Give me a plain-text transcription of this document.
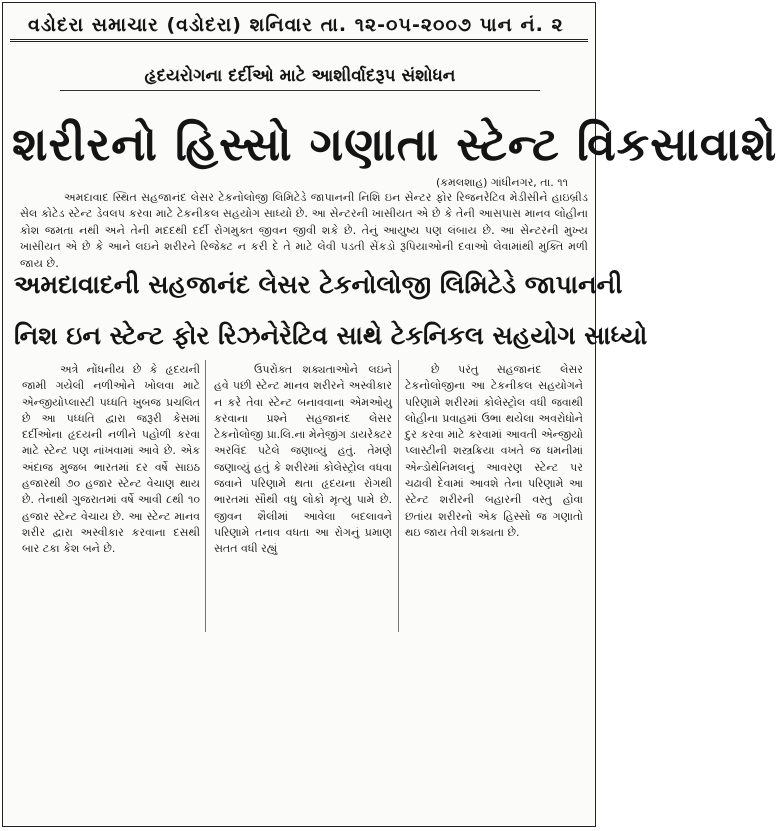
વડોદરા સમાચાર (વડોદરા) શનિવાર તા. ૧૨-૦૫-૨૦૦૭ પાન નં. ૨
હૃદયરોગના દર્દીઓ માટે આશીર્વાદરૂપ સંશોધન
શરીરનો હિસ્સો ગણાતા સ્ટેન્ટ વિકસાવાશે
(કમલશાહ) ગાંધીનગર, તા. ૧૧
અમદાવાદ સ્થિત સહજાનંદ લેસર ટેકનોલોજી લિમિટેડે જાપાનની નિશિ ઇન સેન્ટર ફોર રિજનરેટિવ મેડીસીને હાઇબ્રીડ સેલ કોટેડ સ્ટેન્ટ ડેવલપ કરવા માટે ટેકનીકલ સહયોગ સાધ્યો છે. આ સેન્ટરની ખાસીયત એ છે કે તેની આસપાસ માનવ લોહીના કોશ જમતા નથી અને તેની મદદથી દર્દી રોગમુક્ત જીવન જીવી શકે છે. તેનું આયુષ્ય પણ લંબાય છે. આ સેન્ટરની મુખ્ય ખાસીયત એ છે કે આને લઇને શરીરને રિજેક્ટ ન કરી દે તે માટે લેવી પડતી સેંકડો રૂપિયાઓની દવાઓ લેવામાંથી મુક્તિ મળી જાય છે.
અમદાવાદની સહજાનંદ લેસર ટેકનોલોજી લિમિટેડે જાપાનની
નિશ ઇન સ્ટેન્ટ ફોર રિઝનેરેટિવ સાથે ટેકનિકલ સહયોગ સાધ્યો

અત્રે નોંધનીય છે કે હૃદયની જામી ગયેલી નળીઓને ખોલવા માટે એન્જીયોપ્લાસ્ટી પધ્ધતિ ખુબજ પ્રચલિત છે આ પધ્ધતિ દ્વારા જરૂરી કેસમાં દર્દીઓના હૃદયની નળીને પહોળી કરવા માટે સ્ટેન્ટ પણ નાંખવામાં આવે છે. એક અંદાજ મુજબ ભારતમાં દર વર્ષે સાઇઠ હજારથી ૭૦ હજાર સ્ટેન્ટ વેચાણ થાય છે. તેનાથી ગુજરાતમાં વર્ષે આવી ૮થી ૧૦ હજાર સ્ટેન્ટ વેચાય છે. આ સ્ટેન્ટ માનવ શરીર દ્વારા અસ્વીકાર કરવાના દસથી બાર ટકા કેશ બને છે.

ઉપરોક્ત શક્યતાઓને લઇને હવે પછી સ્ટેન્ટ માનવ શરીરને અસ્વીકાર ન કરે તેવા સ્ટેન્ટ બનાવવાના એમઓયુ કરવાના પ્રશ્ને સહજાનંદ લેસર ટેકનોલોજી પ્રા.લિ.ના મેનેજીંગ ડાયરેક્ટર અરવિંદ પટેલે જણાવ્યું હતું. તેમણે જણાવ્યું હતું કે શરીરમાં કોલેસ્ટ્રોલ વધવા જવાને પરિણામે થતા હૃદયના રોગથી ભારતમાં સૌથી વધુ લોકો મૃત્યુ પામે છે. જીવન શૈલીમાં આવેલા બદલાવને પરિણામે તનાવ વધતા આ રોગનું પ્રમાણ સતત વધી રહ્યું

છે પરંતુ સહજાનંદ લેસર ટેકનોલોજીના આ ટેકનીકલ સહયોગને પરિણામે શરીરમાં કોલેસ્ટ્રોલ વધી જવાથી લોહીના પ્રવાહમાં ઉભા થયેલા અવરોધોને દુર કરવા માટે કરવામાં આવતી એન્જીયો પ્લાસ્ટીની શસ્ત્રક્રિયા વખતે જ ધમનીમાં એન્ડોથેનિમલનું આવરણ સ્ટેન્ટ પર ચઢાવી દેવામાં આવશે તેના પરિણામે આ સ્ટેન્ટ શરીરની બહારની વસ્તુ હોવા છતાંય શરીરનો એક હિસ્સો જ ગણાતો થઇ જાય તેવી શક્યતા છે.
